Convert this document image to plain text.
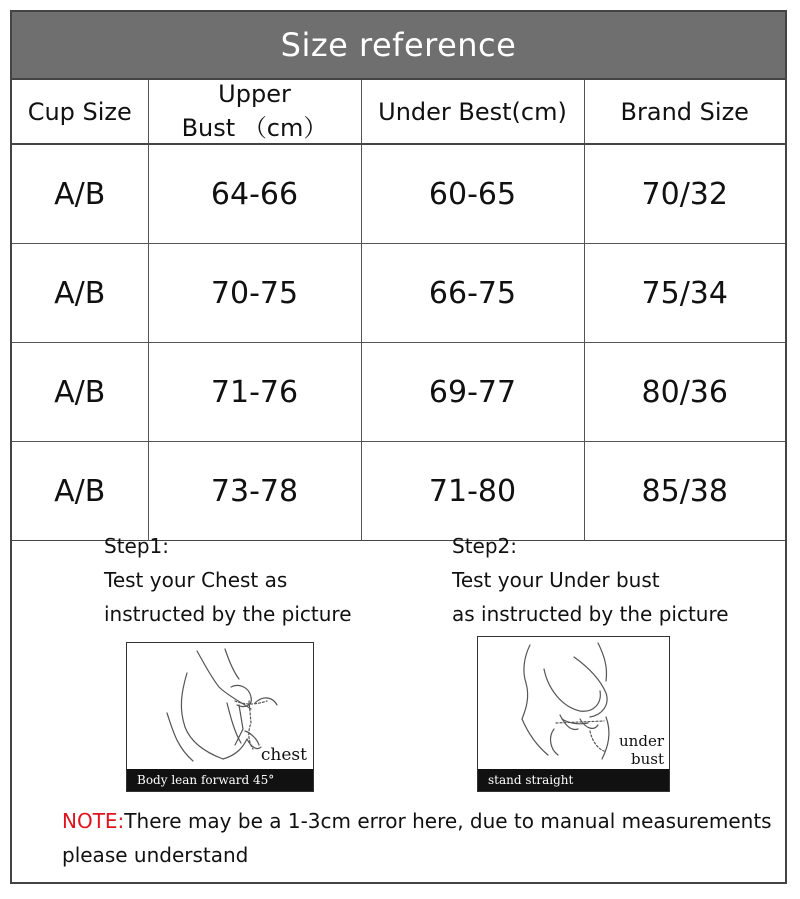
Size reference
Cup Size	Upper Bust （cm）	Under Best(cm)	Brand Size
A/B	64-66	60-65	70/32
A/B	70-75	66-75	75/34
A/B	71-76	69-77	80/36
A/B	73-78	71-80	85/38
Step1:
Test your Chest as
instructed by the picture
Step2:
Test your Under bust
as instructed by the picture
chest
Body lean forward 45°
under
bust
stand straight
NOTE:There may be a 1-3cm error here, due to manual measurements
please understand
